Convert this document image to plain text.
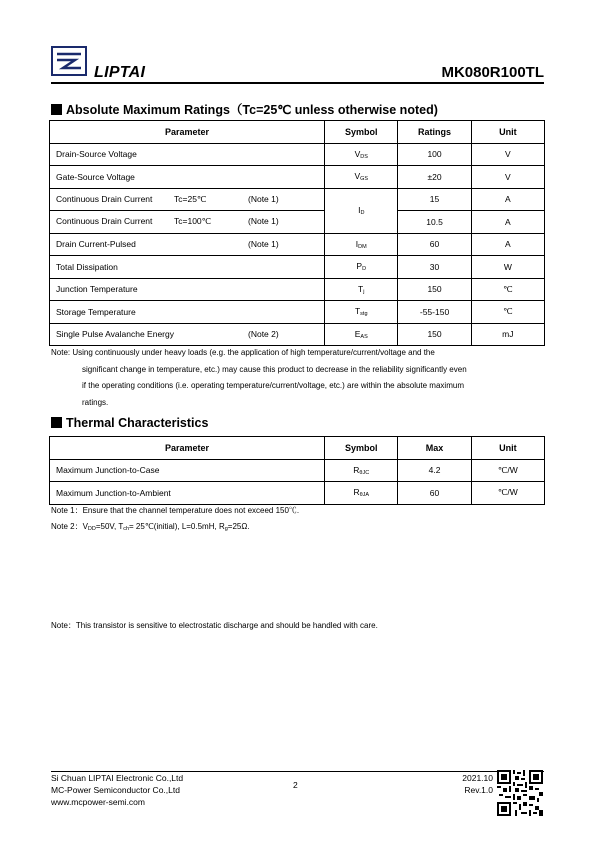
LIPTAI	MK080R100TL
Absolute Maximum Ratings（Tc=25℃ unless otherwise noted)
Parameter	Symbol	Ratings	Unit
Drain-Source Voltage	$V_{DS}$	100	V
Gate-Source Voltage	$V_{GS}$	±20	V
Continuous Drain Current Tc=25℃ (Note 1)	$I_D$	15	A
Continuous Drain Current Tc=100℃ (Note 1)		10.5	A
Drain Current-Pulsed (Note 1)	$I_{DM}$	60	A
Total Dissipation	$P_D$	30	W
Junction Temperature	$T_j$	150	℃
Storage Temperature	$T_{stg}$	-55-150	℃
Single Pulse Avalanche Energy (Note 2)	$E_{AS}$	150	mJ
Note: Using continuously under heavy loads (e.g. the application of high temperature/current/voltage and the
significant change in temperature, etc.) may cause this product to decrease in the reliability significantly even
if the operating conditions (i.e. operating temperature/current/voltage, etc.) are within the absolute maximum
ratings.
Thermal Characteristics
Parameter	Symbol	Max	Unit
Maximum Junction-to-Case	$R_{\theta JC}$	4.2	℃/W
Maximum Junction-to-Ambient	$R_{\theta JA}$	60	℃/W
Note 1：Ensure that the channel temperature does not exceed 150℃.
Note 2：$V_{DD}=50V$, $T_{ch}=$ 25℃(initial), L=0.5mH, $R_g=25\Omega$.
Note：This transistor is sensitive to electrostatic discharge and should be handled with care.
Si Chuan LIPTAI Electronic Co.,Ltd
MC-Power Semiconductor Co.,Ltd
www.mcpower-semi.com
2
2021.10
Rev.1.0
